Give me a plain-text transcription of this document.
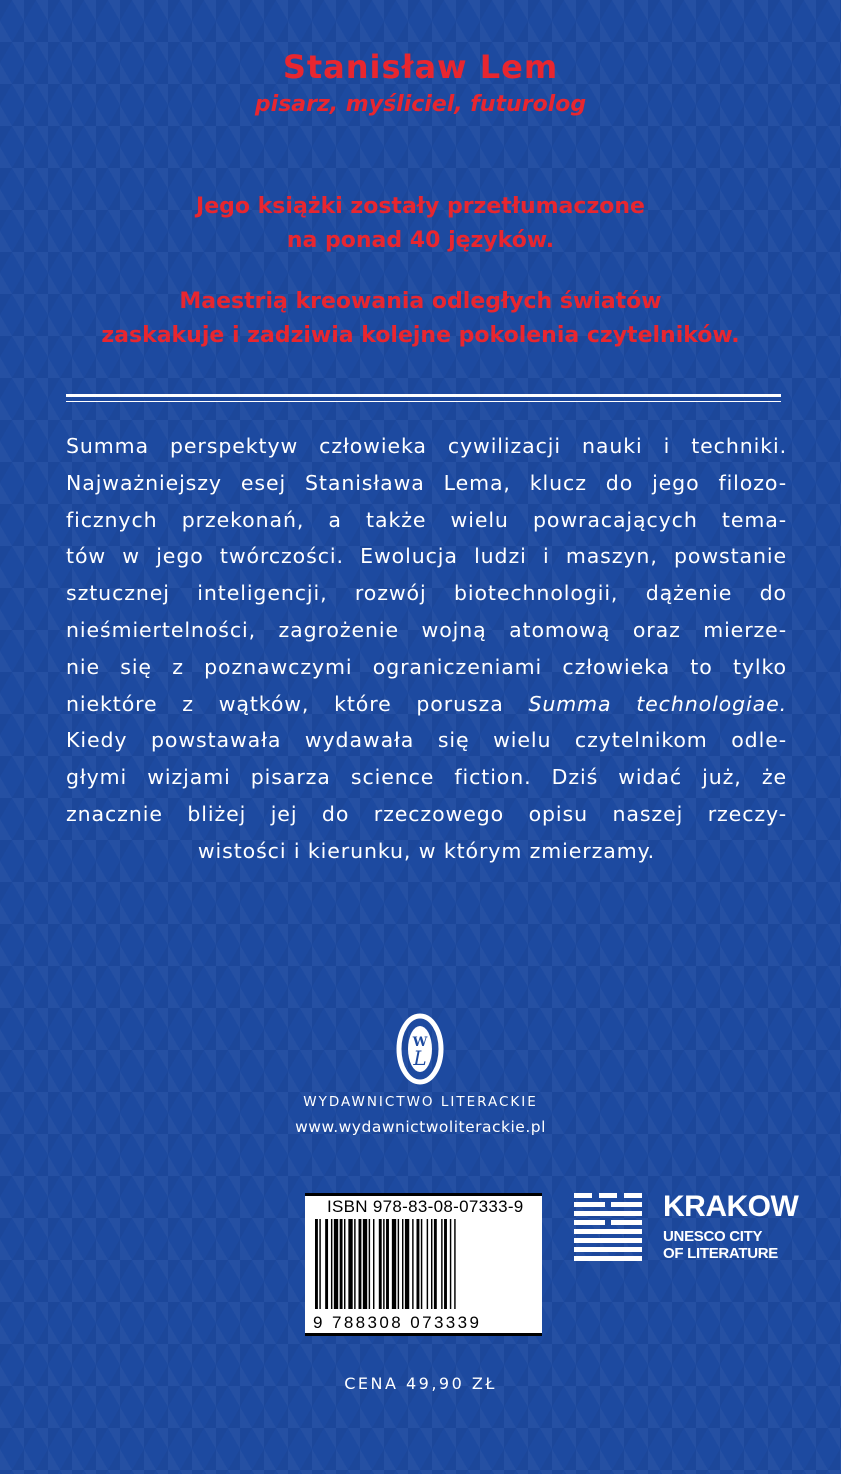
Stanisław Lem
pisarz, myśliciel, futurolog
Jego książki zostały przetłumaczone
na ponad 40 języków.
Maestrią kreowania odległych światów
zaskakuje i zadziwia kolejne pokolenia czytelników.
Summa perspektyw człowieka cywilizacji nauki i techniki.
Najważniejszy esej Stanisława Lema, klucz do jego filozo-
ficznych przekonań, a także wielu powracających tema-
tów w jego twórczości. Ewolucja ludzi i maszyn, powstanie
sztucznej inteligencji, rozwój biotechnologii, dążenie do
nieśmiertelności, zagrożenie wojną atomową oraz mierze-
nie się z poznawczymi ograniczeniami człowieka to tylko
niektóre z wątków, które porusza Summa technologiae.
Kiedy powstawała wydawała się wielu czytelnikom odle-
głymi wizjami pisarza science fiction. Dziś widać już, że
znacznie bliżej jej do rzeczowego opisu naszej rzeczy-
wistości i kierunku, w którym zmierzamy.
W
L
WYDAWNICTWO LITERACKIE
www.wydawnictwoliterackie.pl
ISBN 978-83-08-07333-9
9 788308 073339
KRAKOW
UNESCO CITY
OF LITERATURE
CENA 49,90 ZŁ
